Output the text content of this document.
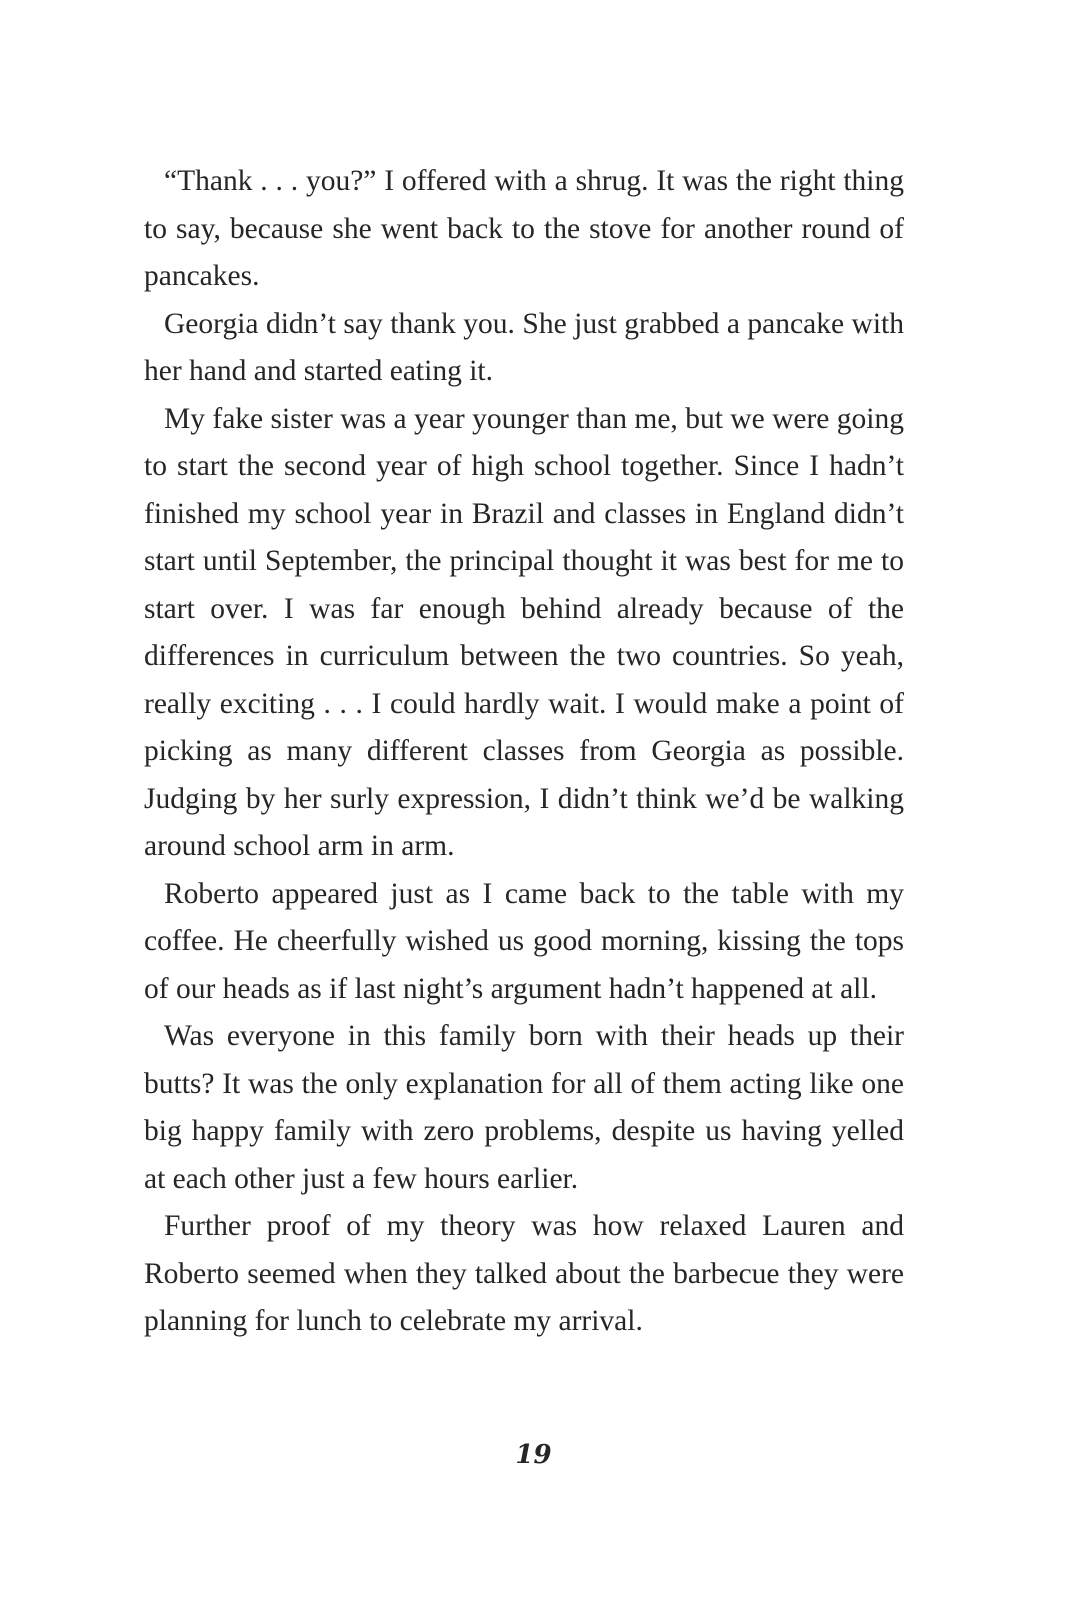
“Thank . . . you?” I offered with a shrug. It was the right thing to say, because she went back to the stove for another round of pancakes.

Georgia didn’t say thank you. She just grabbed a pancake with her hand and started eating it.

My fake sister was a year younger than me, but we were going to start the second year of high school together. Since I hadn’t finished my school year in Brazil and classes in England didn’t start until September, the principal thought it was best for me to start over. I was far enough behind already because of the differences in curriculum between the two countries. So yeah, really exciting . . . I could hardly wait. I would make a point of picking as many different classes from Georgia as possible. Judging by her surly expression, I didn’t think we’d be walking around school arm in arm.

Roberto appeared just as I came back to the table with my coffee. He cheerfully wished us good morning, kissing the tops of our heads as if last night’s argument hadn’t happened at all.

Was everyone in this family born with their heads up their butts? It was the only explanation for all of them acting like one big happy family with zero problems, despite us having yelled at each other just a few hours earlier.

Further proof of my theory was how relaxed Lauren and Roberto seemed when they talked about the barbecue they were planning for lunch to celebrate my arrival.

19
